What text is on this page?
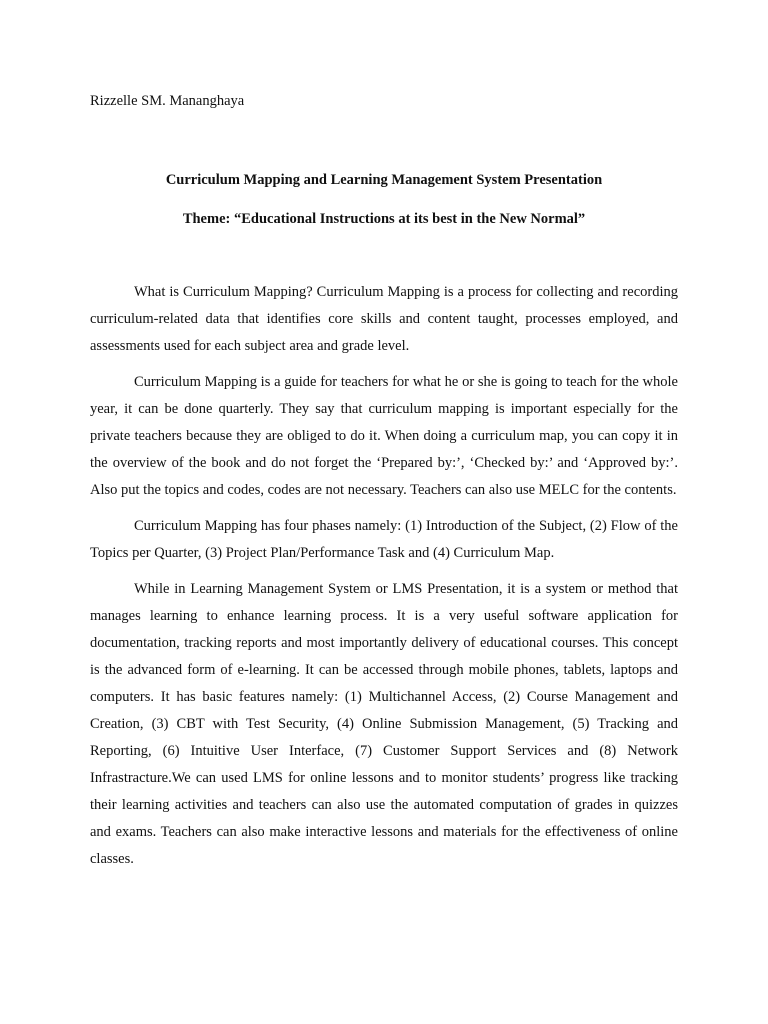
Rizzelle SM. Mananghaya

Curriculum Mapping and Learning Management System Presentation

Theme: “Educational Instructions at its best in the New Normal”

What is Curriculum Mapping? Curriculum Mapping is a process for collecting and recording curriculum-related data that identifies core skills and content taught, processes employed, and assessments used for each subject area and grade level.

Curriculum Mapping is a guide for teachers for what he or she is going to teach for the whole year, it can be done quarterly. They say that curriculum mapping is important especially for the private teachers because they are obliged to do it. When doing a curriculum map, you can copy it in the overview of the book and do not forget the ‘Prepared by:’, ‘Checked by:’ and ‘Approved by:’. Also put the topics and codes, codes are not necessary. Teachers can also use MELC for the contents.

Curriculum Mapping has four phases namely: (1) Introduction of the Subject, (2) Flow of the Topics per Quarter, (3) Project Plan/Performance Task and (4) Curriculum Map.

While in Learning Management System or LMS Presentation, it is a system or method that manages learning to enhance learning process. It is a very useful software application for documentation, tracking reports and most importantly delivery of educational courses. This concept is the advanced form of e-learning. It can be accessed through mobile phones, tablets, laptops and computers. It has basic features namely: (1) Multichannel Access, (2) Course Management and Creation, (3) CBT with Test Security, (4) Online Submission Management, (5) Tracking and Reporting, (6) Intuitive User Interface, (7) Customer Support Services and (8) Network Infrastracture.We can used LMS for online lessons and to monitor students’ progress like tracking their learning activities and teachers can also use the automated computation of grades in quizzes and exams. Teachers can also make interactive lessons and materials for the effectiveness of online classes.
